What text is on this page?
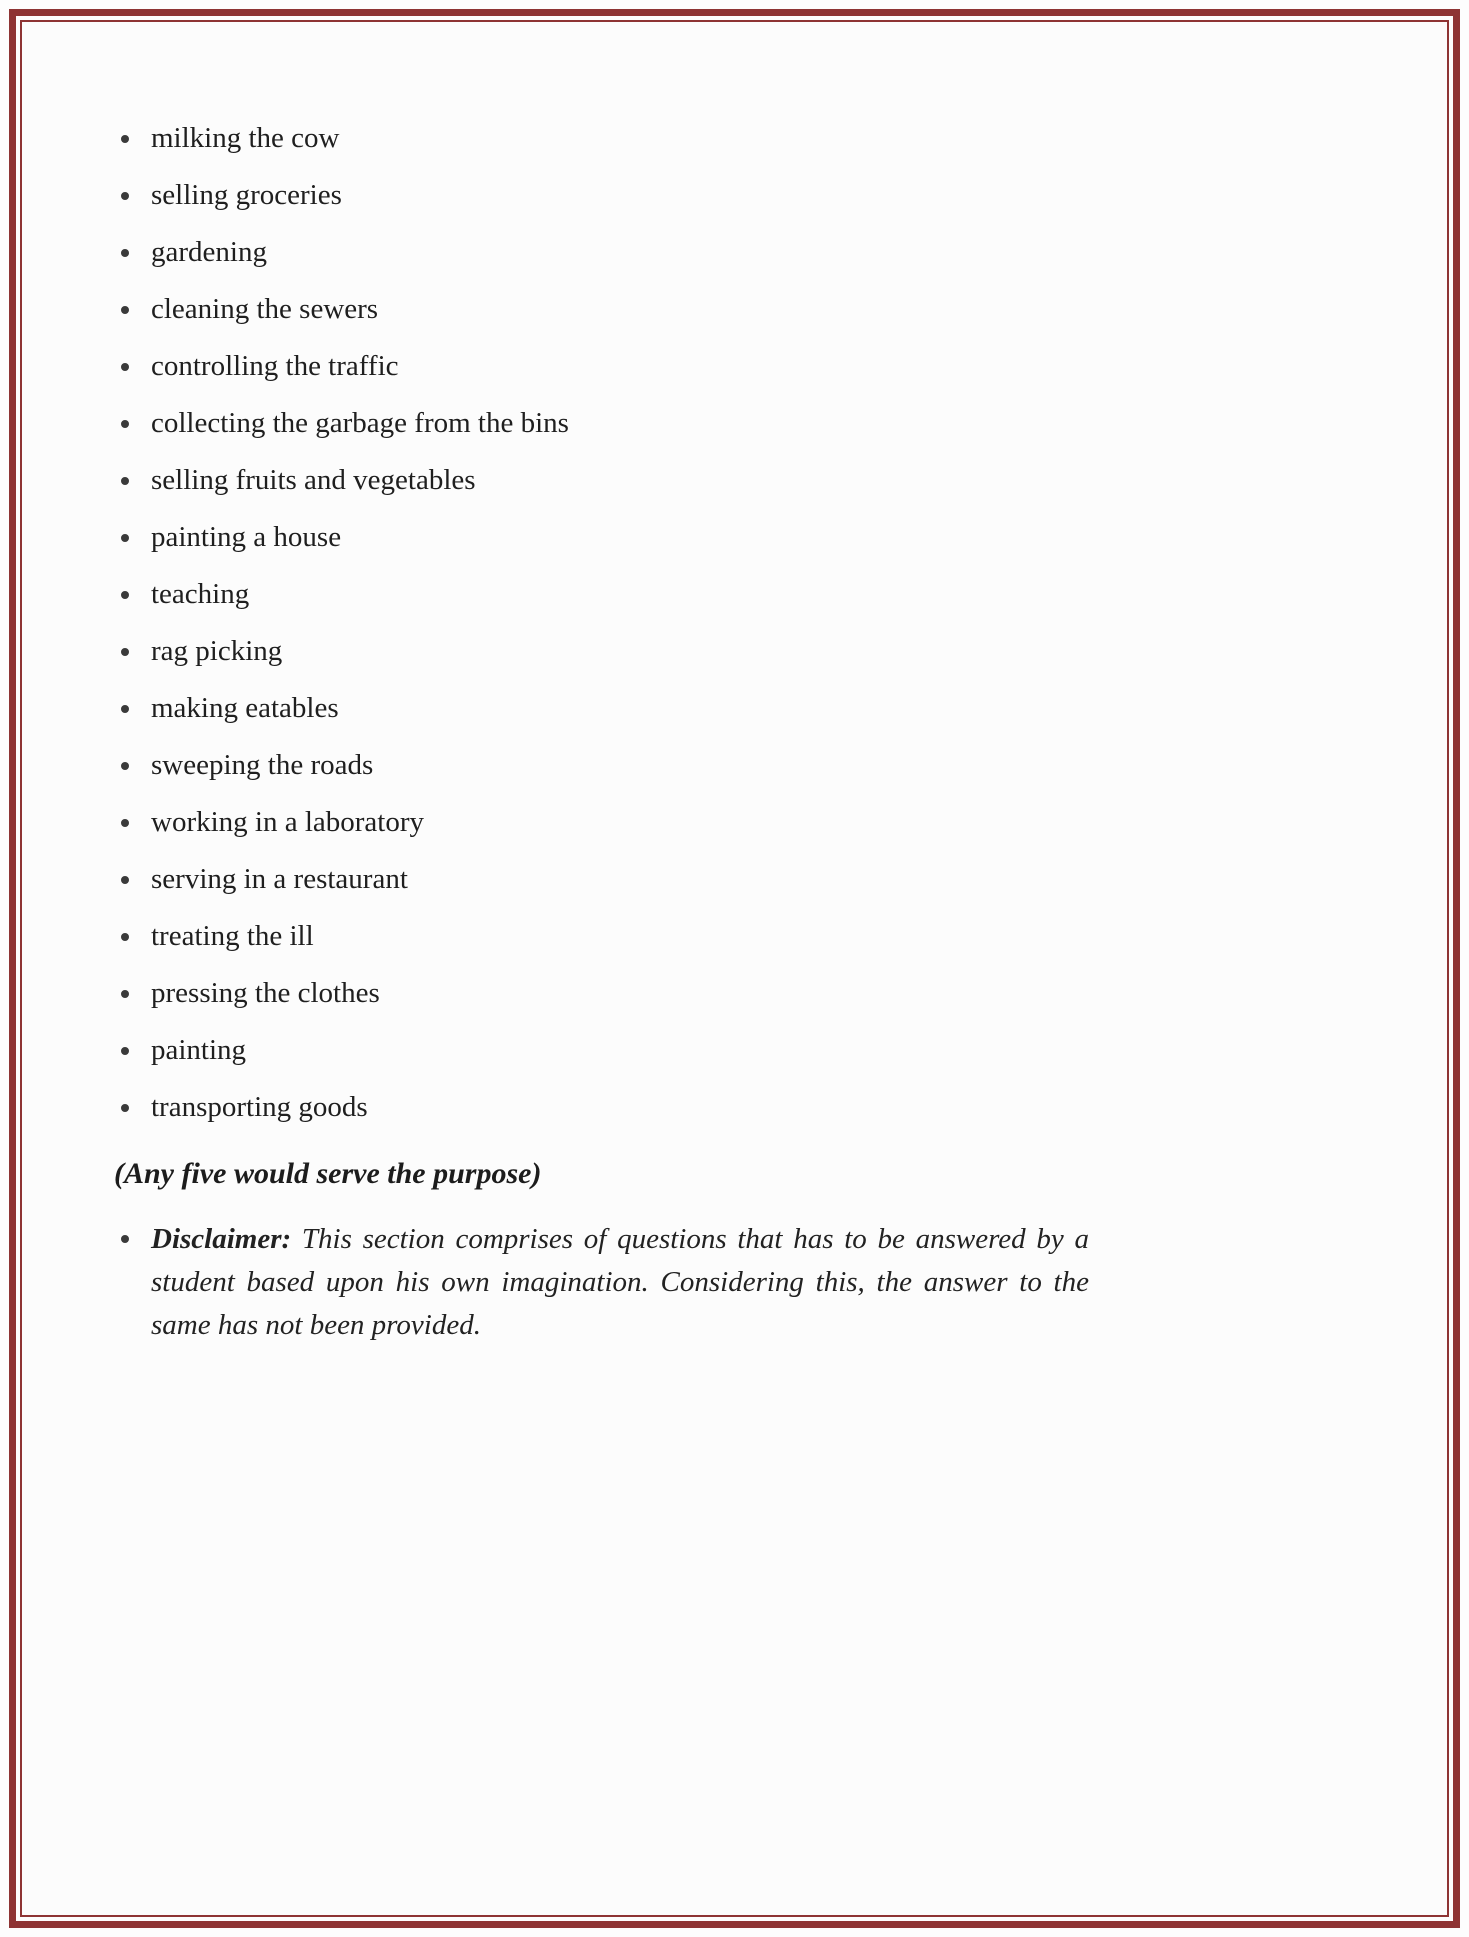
milking the cow
selling groceries
gardening
cleaning the sewers
controlling the traffic
collecting the garbage from the bins
selling fruits and vegetables
painting a house
teaching
rag picking
making eatables
sweeping the roads
working in a laboratory
serving in a restaurant
treating the ill
pressing the clothes
painting
transporting goods

(Any five would serve the purpose)

Disclaimer: This section comprises of questions that has to be answered by a student based upon his own imagination. Considering this, the answer to the same has not been provided.
